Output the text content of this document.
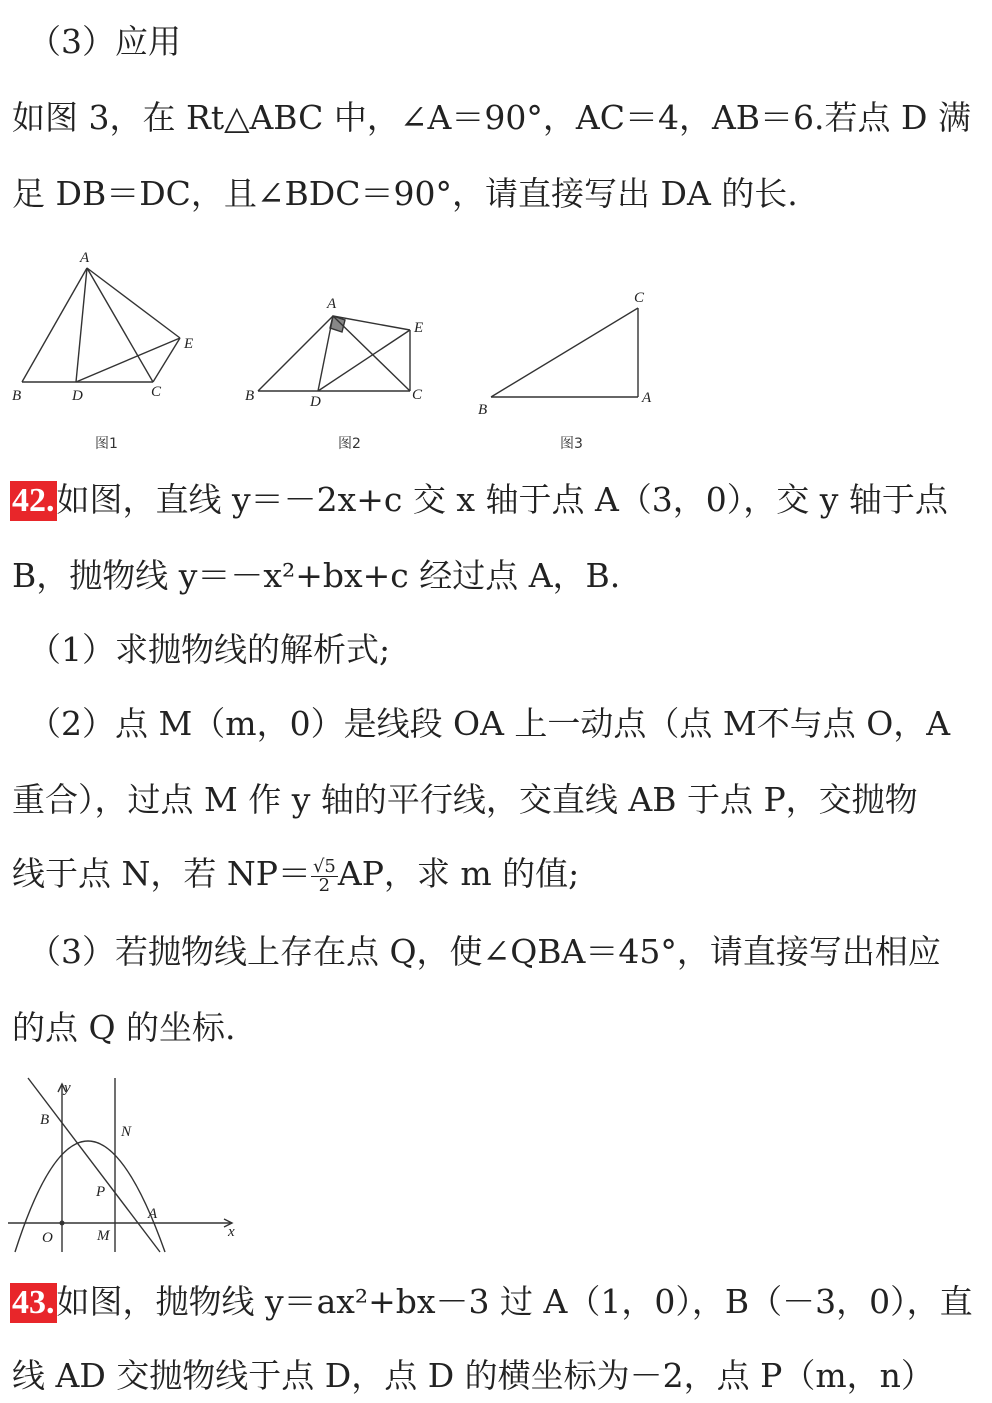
（3）应用
如图 3，在 Rt△ABC 中，∠A＝90°，AC＝4，AB＝6.若点 D 满
足 DB＝DC，且∠BDC＝90°，请直接写出 DA 的长.
A
B	D	C
E
图1
A
B	D	C
E
图2
C
B
A
图3
42.如图，直线 y＝－2x+c 交 x 轴于点 A（3，0），交 y 轴于点
B，抛物线 y＝－x²+bx+c 经过点 A，B.
（1）求抛物线的解析式;
（2）点 M（m，0）是线段 OA 上一动点（点 M不与点 O，A
重合），过点 M 作 y 轴的平行线，交直线 AB 于点 P，交抛物
线于点 N，若 $NP= \frac{√5}{2}$ AP，求 m 的值;
（3）若抛物线上存在点 Q，使∠QBA＝45°，请直接写出相应
的点 Q 的坐标.
y
B
N
P
A
O	M	x
43.如图，抛物线 y＝ax²+bx－3 过 A（1，0），B（－3，0），直
线 AD 交抛物线于点 D，点 D 的横坐标为－2，点 P（m，n）
